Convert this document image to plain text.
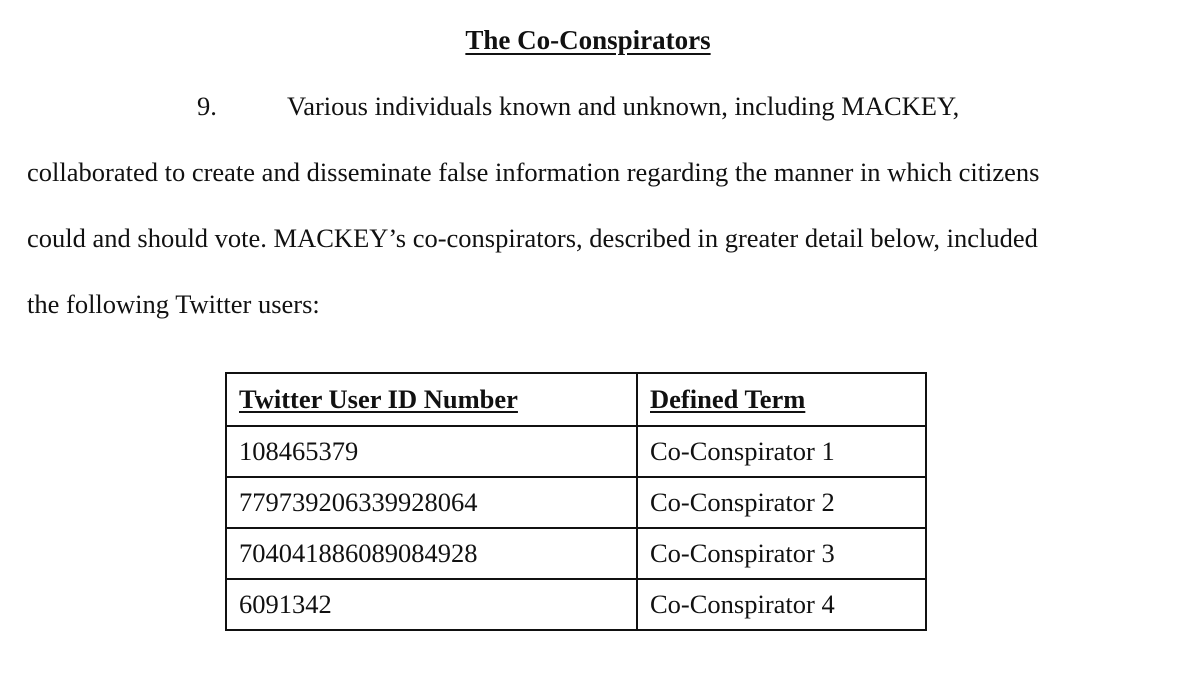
The Co-Conspirators
9.	Various individuals known and unknown, including MACKEY,
collaborated to create and disseminate false information regarding the manner in which citizens
could and should vote. MACKEY’s co-conspirators, described in greater detail below, included
the following Twitter users:
Twitter User ID Number	Defined Term
108465379	Co-Conspirator 1
779739206339928064	Co-Conspirator 2
704041886089084928	Co-Conspirator 3
6091342	Co-Conspirator 4
